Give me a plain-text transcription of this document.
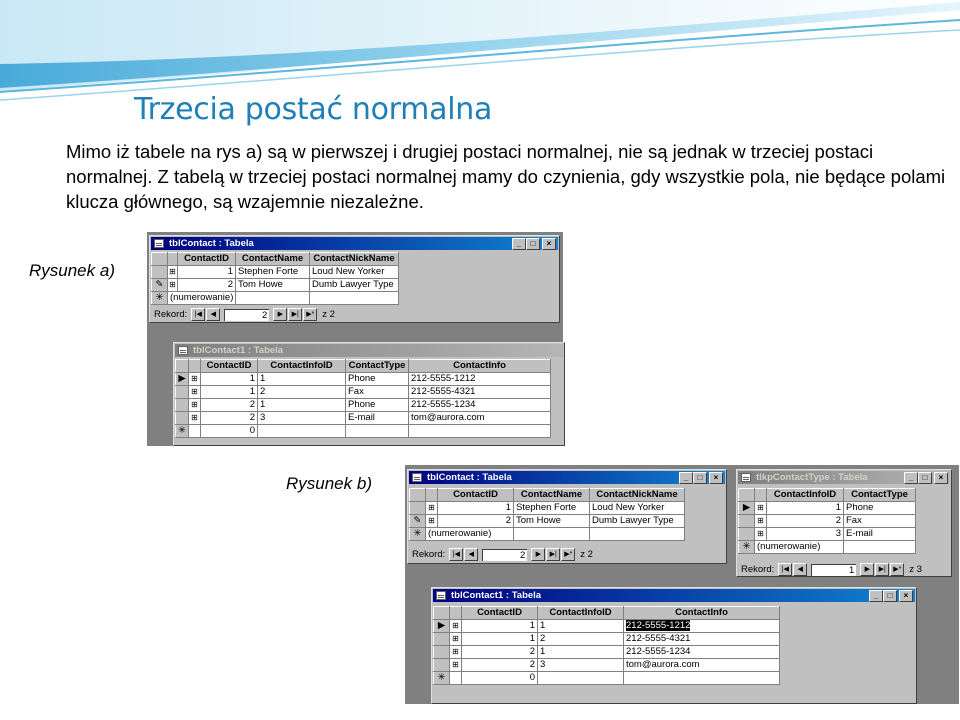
Trzecia postać normalna

Mimo iż tabele na rys a) są w pierwszej i drugiej postaci normalnej, nie są jednak w trzeciej postaci normalnej. Z tabelą w trzeciej postaci normalnej mamy do czynienia, gdy wszystkie pola, nie będące polami klucza głównego, są wzajemnie niezależne.

Rysunek a)
Rysunek b)
tblContact : Tabela	_	□	×
		ContactID	ContactName	ContactNickName
	⊞	1	Stephen Forte	Loud New Yorker
✎	⊞	2	Tom Howe	Dumb Lawyer Type
✳	(numerowanie)			
Rekord:	|◀	◀	2	▶	▶|	▶* z 2
tblContact1 : Tabela
		ContactID	ContactInfoID	ContactType	ContactInfo
▶	⊞	1	1	Phone	212-5555-1212
	⊞	1	2	Fax	212-5555-4321
	⊞	2	1	Phone	212-5555-1234
	⊞	2	3	E-mail	tom@aurora.com
✳		0			
tblContact : Tabela	_	□	×
		ContactID	ContactName	ContactNickName
	⊞	1	Stephen Forte	Loud New Yorker
✎	⊞	2	Tom Howe	Dumb Lawyer Type
✳	(numerowanie)			
Rekord:	|◀	◀	2	▶	▶|	▶* z 2
tlkpContactType : Tabela	_	□	×
		ContactInfoID	ContactType
▶	⊞	1	Phone
	⊞	2	Fax
	⊞	3	E-mail
✳	(numerowanie)		
Rekord:	|◀	◀	1	▶	▶|	▶* z 3
tblContact1 : Tabela	_	□	×
		ContactID	ContactInfoID	ContactInfo
▶	⊞	1	1	212-5555-1212
	⊞	1	2	212-5555-4321
	⊞	2	1	212-5555-1234
	⊞	2	3	tom@aurora.com
✳		0		
